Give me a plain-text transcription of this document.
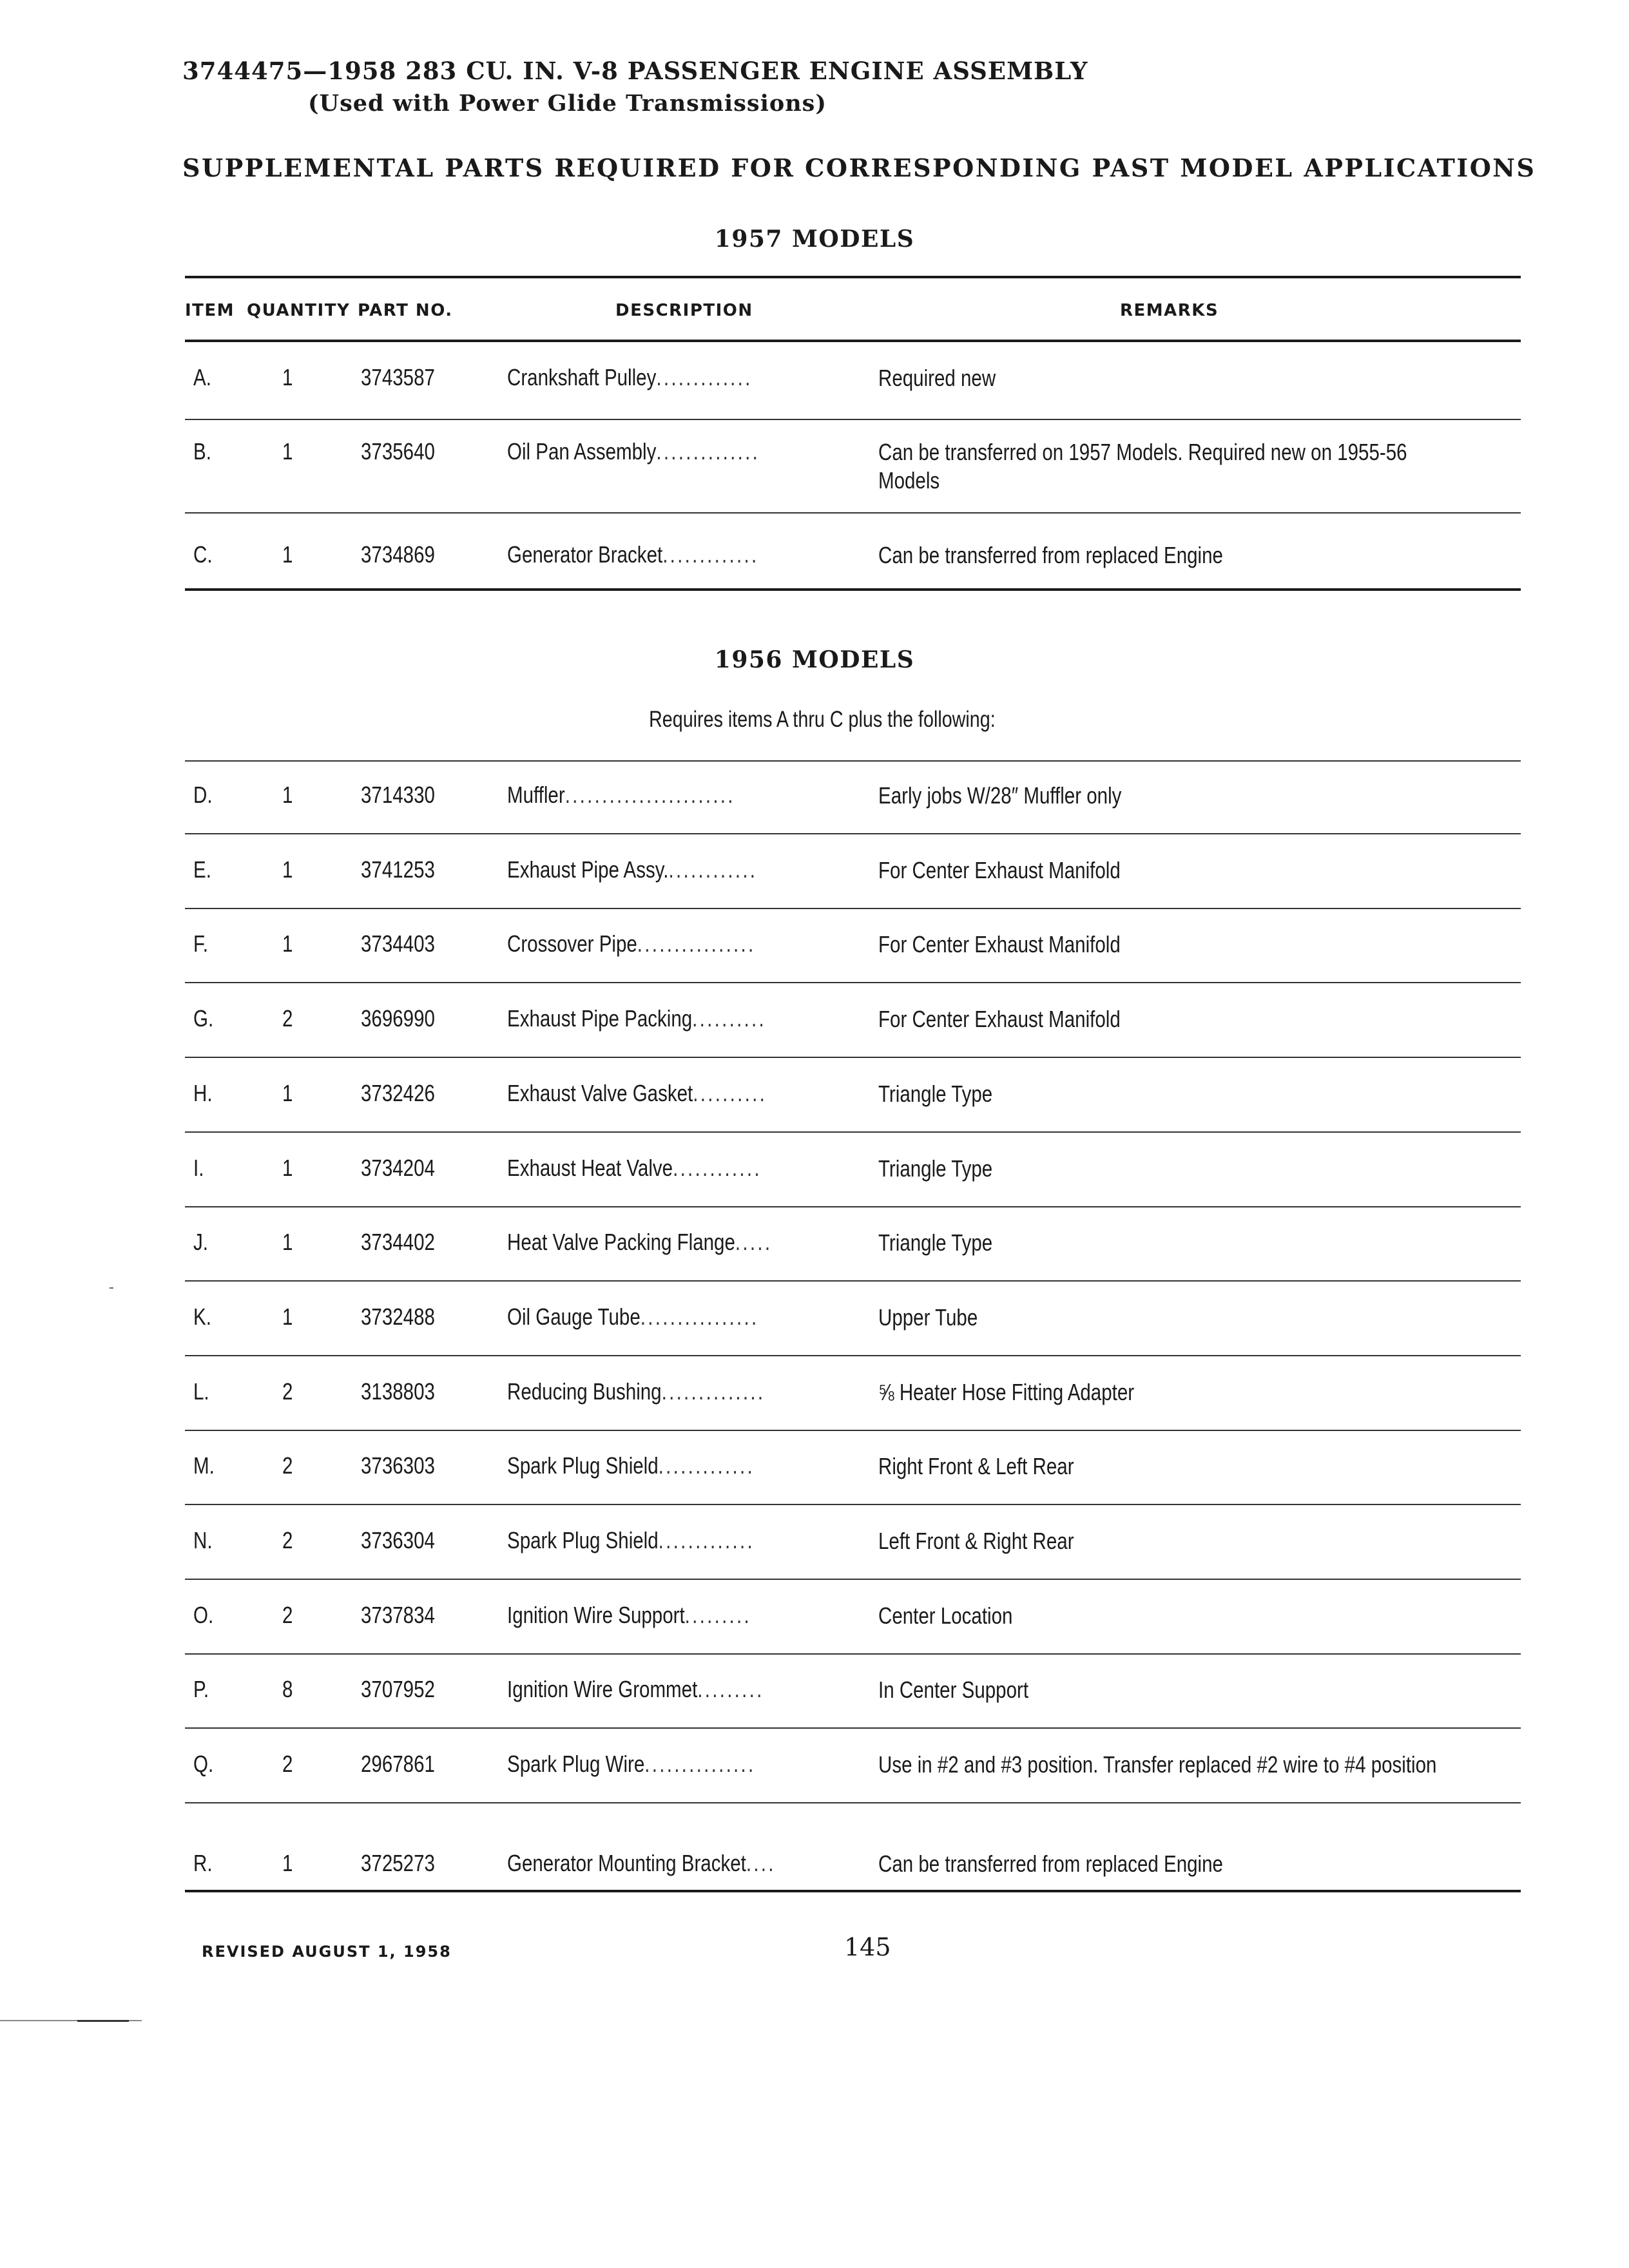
3744475—1958 283 CU. IN. V-8 PASSENGER ENGINE ASSEMBLY
(Used with Power Glide Transmissions)
SUPPLEMENTAL PARTS REQUIRED FOR CORRESPONDING PAST MODEL APPLICATIONS
1957 MODELS
ITEM QUANTITY PART NO.	DESCRIPTION	REMARKS
A.	1	3743587	Crankshaft Pulley.............	Required new
B.	1	3735640	Oil Pan Assembly..............	Can be transferred on 1957 Models. Required new on 1955-56 Models
C.	1	3734869	Generator Bracket.............	Can be transferred from replaced Engine
1956 MODELS
Requires items A thru C plus the following:
D.	1	3714330	Muffler.......................	Early jobs W/28″ Muffler only
E.	1	3741253	Exhaust Pipe Assy.............	For Center Exhaust Manifold
F.	1	3734403	Crossover Pipe................	For Center Exhaust Manifold
G.	2	3696990	Exhaust Pipe Packing..........	For Center Exhaust Manifold
H.	1	3732426	Exhaust Valve Gasket..........	Triangle Type
I.	1	3734204	Exhaust Heat Valve............	Triangle Type
J.	1	3734402	Heat Valve Packing Flange.....	Triangle Type
K.	1	3732488	Oil Gauge Tube................	Upper Tube
L.	2	3138803	Reducing Bushing..............	⅝ Heater Hose Fitting Adapter
M.	2	3736303	Spark Plug Shield.............	Right Front & Left Rear
N.	2	3736304	Spark Plug Shield.............	Left Front & Right Rear
O.	2	3737834	Ignition Wire Support.........	Center Location
P.	8	3707952	Ignition Wire Grommet.........	In Center Support
Q.	2	2967861	Spark Plug Wire...............	Use in #2 and #3 position. Transfer replaced #2 wire to #4 position
R.	1	3725273	Generator Mounting Bracket....	Can be transferred from replaced Engine
REVISED AUGUST 1, 1958	145
